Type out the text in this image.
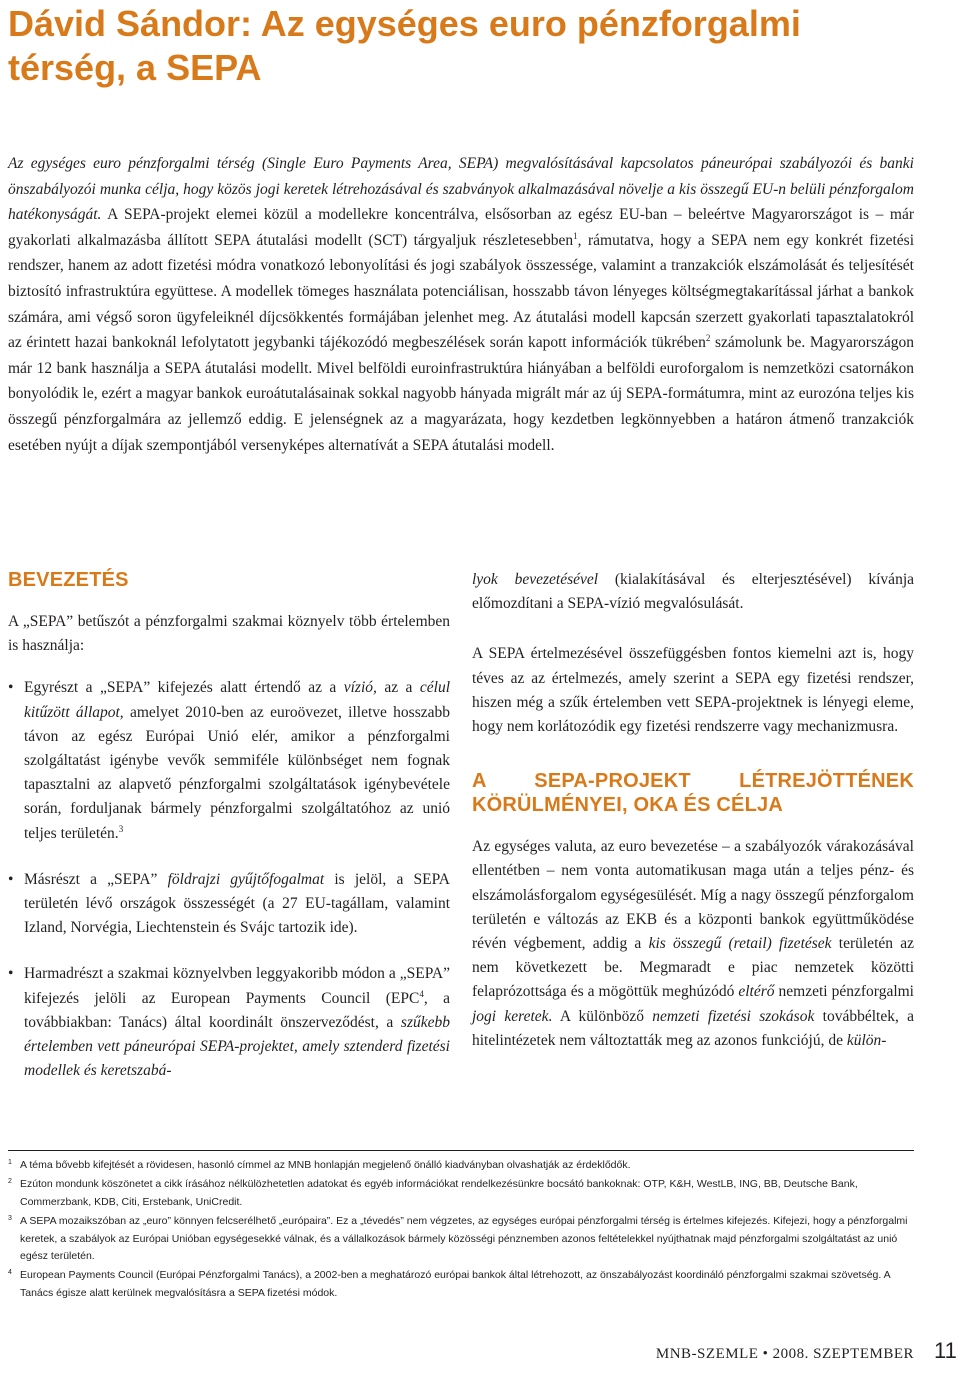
Dávid Sándor: Az egységes euro pénzforgalmi térség, a SEPA

Az egységes euro pénzforgalmi térség (Single Euro Payments Area, SEPA) megvalósításával kapcsolatos páneurópai szabályozói és banki önszabályozói munka célja, hogy közös jogi keretek létrehozásával és szabványok alkalmazásával növelje a kis összegű EU-n belüli pénzforgalom hatékonyságát. A SEPA-projekt elemei közül a modellekre koncentrálva, elsősorban az egész EU-ban – beleértve Magyarországot is – már gyakorlati alkalmazásba állított SEPA átutalási modellt (SCT) tárgyaljuk részletesebben$^1$, rámutatva, hogy a SEPA nem egy konkrét fizetési rendszer, hanem az adott fizetési módra vonatkozó lebonyolítási és jogi szabályok összessége, valamint a tranzakciók elszámolását és teljesítését biztosító infrastruktúra együttese. A modellek tömeges használata potenciálisan, hosszabb távon lényeges költségmegtakarítással járhat a bankok számára, ami végső soron ügyfeleiknél díjcsökkentés formájában jelenhet meg. Az átutalási modell kapcsán szerzett gyakorlati tapasztalatokról az érintett hazai bankoknál lefolytatott jegybanki tájékozódó megbeszélések során kapott információk tükrében$^2$ számolunk be. Magyarországon már 12 bank használja a SEPA átutalási modellt. Mivel belföldi euroinfrastruktúra hiányában a belföldi euroforgalom is nemzetközi csatornákon bonyolódik le, ezért a magyar bankok euroátutalásainak sokkal nagyobb hányada migrált már az új SEPA-formátumra, mint az eurozóna teljes kis összegű pénzforgalmára az jellemző eddig. E jelenségnek az a magyarázata, hogy kezdetben legkönnyebben a határon átmenő tranzakciók esetében nyújt a díjak szempontjából versenyképes alternatívát a SEPA átutalási modell.

BEVEZETÉS

A „SEPA” betűszót a pénzforgalmi szakmai köznyelv több értelemben is használja:

• Egyrészt a „SEPA” kifejezés alatt értendő az a vízió, az a célul kitűzött állapot, amelyet 2010-ben az euroövezet, illetve hosszabb távon az egész Európai Unió elér, amikor a pénzforgalmi szolgáltatást igénybe vevők semmiféle különbséget nem fognak tapasztalni az alapvető pénzforgalmi szolgáltatások igénybevétele során, forduljanak bármely pénzforgalmi szolgáltatóhoz az unió teljes területén.$^3$
• Másrészt a „SEPA” földrajzi gyűjtőfogalmat is jelöl, a SEPA területén lévő országok összességét (a 27 EU-tagállam, valamint Izland, Norvégia, Liechtenstein és Svájc tartozik ide).
• Harmadrészt a szakmai köznyelvben leggyakoribb módon a „SEPA” kifejezés jelöli az European Payments Council (EPC$^4$, a továbbiakban: Tanács) által koordinált önszerveződést, a szűkebb értelemben vett páneurópai SEPA-projektet, amely sztenderd fizetési modellek és keretszabá-

lyok bevezetésével (kialakításával és elterjesztésével) kívánja előmozdítani a SEPA-vízió megvalósulását.

A SEPA értelmezésével összefüggésben fontos kiemelni azt is, hogy téves az az értelmezés, amely szerint a SEPA egy fizetési rendszer, hiszen még a szűk értelemben vett SEPA-projektnek is lényegi eleme, hogy nem korlátozódik egy fizetési rendszerre vagy mechanizmusra.

A SEPA-PROJEKT LÉTREJÖTTÉNEK KÖRÜLMÉNYEI, OKA ÉS CÉLJA

Az egységes valuta, az euro bevezetése – a szabályozók várakozásával ellentétben – nem vonta automatikusan maga után a teljes pénz- és elszámolásforgalom egységesülését. Míg a nagy összegű pénzforgalom területén e változás az EKB és a központi bankok együttműködése révén végbement, addig a kis összegű (retail) fizetések területén az nem következett be. Megmaradt e piac nemzetek közötti felaprózottsága és a mögöttük meghúzódó eltérő nemzeti pénzforgalmi jogi keretek. A különböző nemzeti fizetési szokások továbbéltek, a hitelintézetek nem változtatták meg az azonos funkciójú, de külön-

1 A téma bővebb kifejtését a rövidesen, hasonló címmel az MNB honlapján megjelenő önálló kiadványban olvashatják az érdeklődők.
2 Ezúton mondunk köszönetet a cikk írásához nélkülözhetetlen adatokat és egyéb információkat rendelkezésünkre bocsátó bankoknak: OTP, K&H, WestLB, ING, BB, Deutsche Bank, Commerzbank, KDB, Citi, Erstebank, UniCredit.
3 A SEPA mozaikszóban az „euro” könnyen felcserélhető „európaira”. Ez a „tévedés” nem végzetes, az egységes európai pénzforgalmi térség is értelmes kifejezés. Kifejezi, hogy a pénzforgalmi keretek, a szabályok az Európai Unióban egységesekké válnak, és a vállalkozások bármely közösségi pénznemben azonos feltételekkel nyújthatnak majd pénzforgalmi szolgáltatást az unió egész területén.
4 European Payments Council (Európai Pénzforgalmi Tanács), a 2002-ben a meghatározó európai bankok által létrehozott, az önszabályozást koordináló pénzforgalmi szakmai szövetség. A Tanács égisze alatt kerülnek megvalósításra a SEPA fizetési módok.
MNB-SZEMLE • 2008. SZEPTEMBER 11
